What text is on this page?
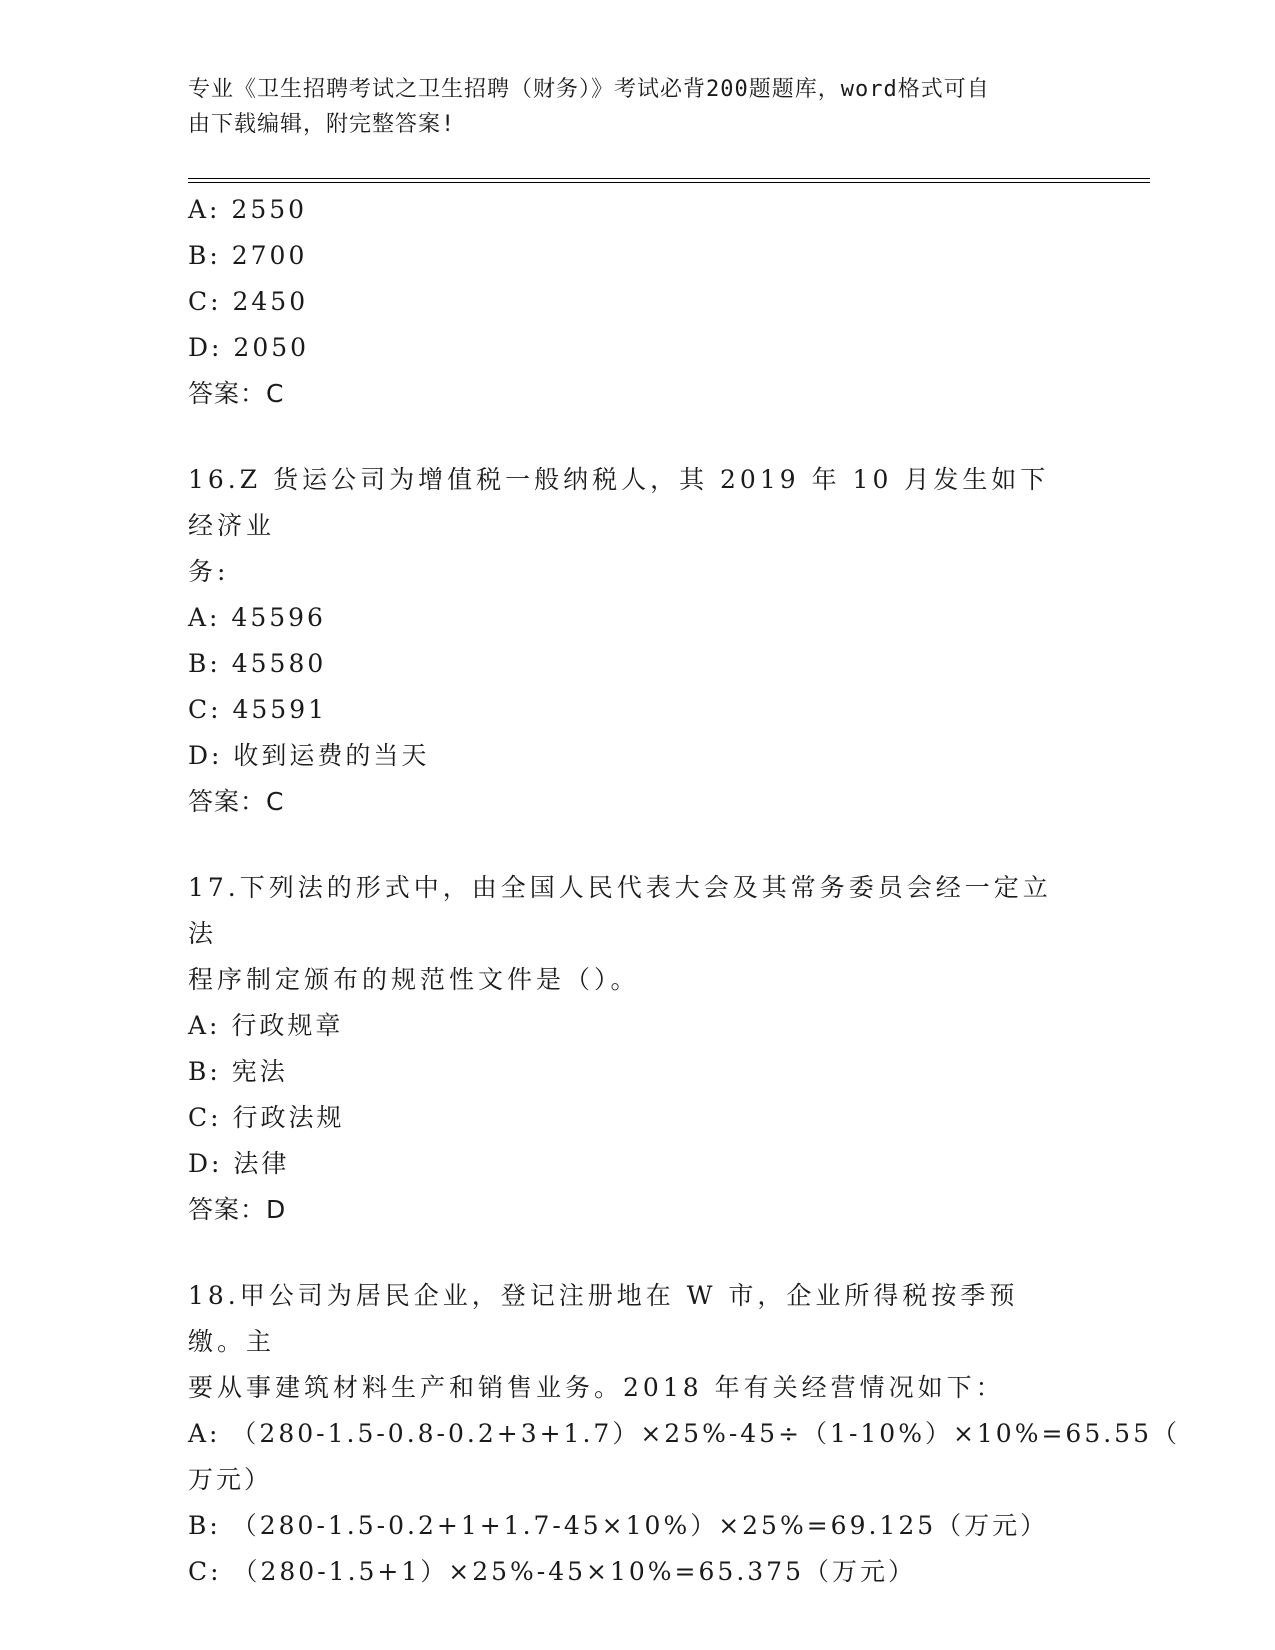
专业《卫生招聘考试之卫生招聘（财务）》考试必背200题题库，word格式可自
由下载编辑，附完整答案!
A: 2550
B: 2700
C: 2450
D: 2050
答案：C
16.Z 货运公司为增值税一般纳税人，其 2019 年 10 月发生如下经济业
务:
A: 45596
B: 45580
C: 45591
D: 收到运费的当天
答案：C
17.下列法的形式中，由全国人民代表大会及其常务委员会经一定立法
程序制定颁布的规范性文件是（）。
A: 行政规章
B: 宪法
C: 行政法规
D: 法律
答案：D
18.甲公司为居民企业，登记注册地在 W 市，企业所得税按季预缴。主
要从事建筑材料生产和销售业务。2018 年有关经营情况如下：
A: （280-1.5-0.8-0.2+3+1.7）×25%-45÷（1-10%）×10%=65.55（
万元）
B: （280-1.5-0.2+1+1.7-45×10%）×25%=69.125（万元）
C: （280-1.5+1）×25%-45×10%=65.375（万元）
